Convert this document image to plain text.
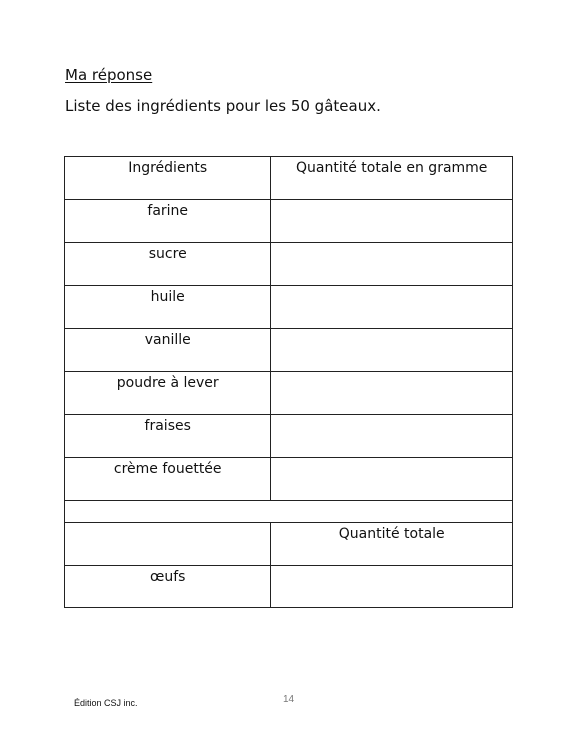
Ma réponse

Liste des ingrédients pour les 50 gâteaux.

Ingrédients	Quantité totale en gramme

farine	

sucre	

huile	

vanille	

poudre à lever	

fraises	

crème fouettée	

	Quantité totale

œufs	

Édition CSJ inc.	14
